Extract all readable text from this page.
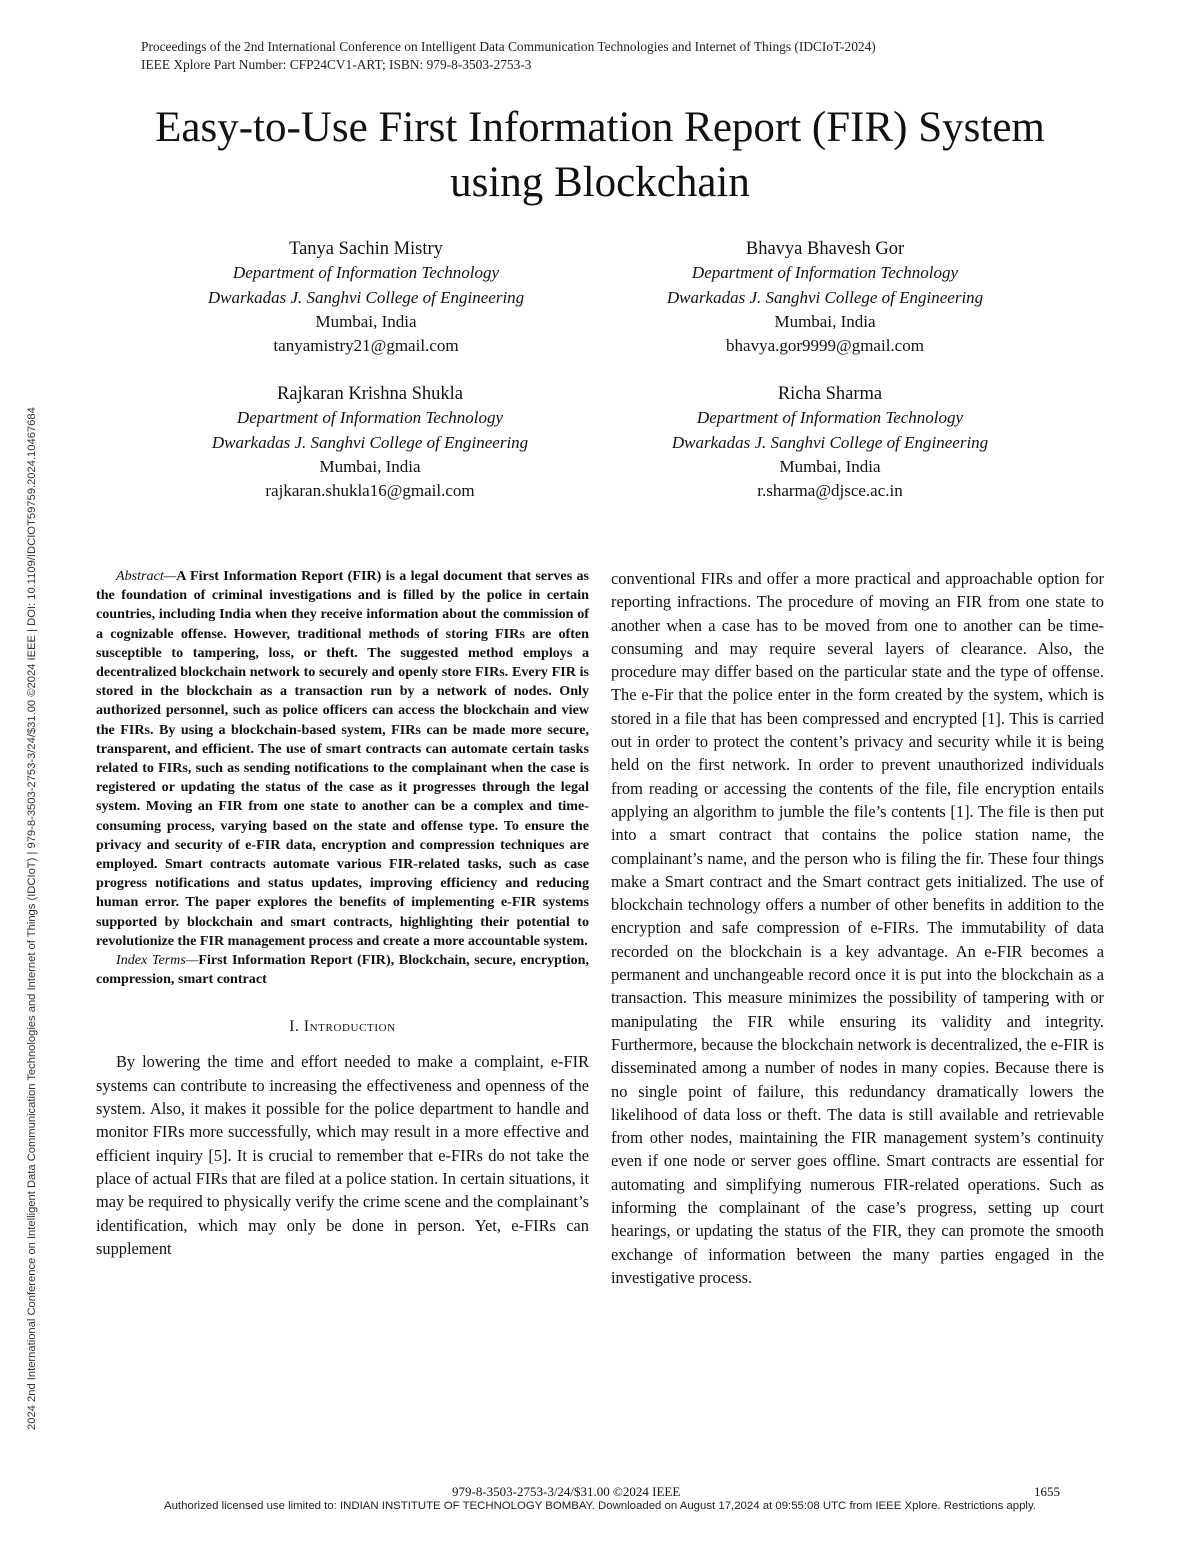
2024 2nd International Conference on Intelligent Data Communication Technologies and Internet of Things (IDCIoT) | 979-8-3503-2753-3/24/$31.00 ©2024 IEEE | DOI: 10.1109/IDCIOT59759.2024.10467684
Proceedings of the 2nd International Conference on Intelligent Data Communication Technologies and Internet of Things (IDCIoT-2024)
IEEE Xplore Part Number: CFP24CV1-ART; ISBN: 979-8-3503-2753-3
Easy-to-Use First Information Report (FIR) System
using Blockchain
Tanya Sachin Mistry
Department of Information Technology
Dwarkadas J. Sanghvi College of Engineering
Mumbai, India
tanyamistry21@gmail.com
Bhavya Bhavesh Gor
Department of Information Technology
Dwarkadas J. Sanghvi College of Engineering
Mumbai, India
bhavya.gor9999@gmail.com
Rajkaran Krishna Shukla
Department of Information Technology
Dwarkadas J. Sanghvi College of Engineering
Mumbai, India
rajkaran.shukla16@gmail.com
Richa Sharma
Department of Information Technology
Dwarkadas J. Sanghvi College of Engineering
Mumbai, India
r.sharma@djsce.ac.in

Abstract—A First Information Report (FIR) is a legal document that serves as the foundation of criminal investigations and is filled by the police in certain countries, including India when they receive information about the commission of a cognizable offense. However, traditional methods of storing FIRs are often susceptible to tampering, loss, or theft. The suggested method employs a decentralized blockchain network to securely and openly store FIRs. Every FIR is stored in the blockchain as a transaction run by a network of nodes. Only authorized personnel, such as police officers can access the blockchain and view the FIRs. By using a blockchain-based system, FIRs can be made more secure, transparent, and efficient. The use of smart contracts can automate certain tasks related to FIRs, such as sending notifications to the complainant when the case is registered or updating the status of the case as it progresses through the legal system. Moving an FIR from one state to another can be a complex and time-consuming process, varying based on the state and offense type. To ensure the privacy and security of e-FIR data, encryption and compression techniques are employed. Smart contracts automate various FIR-related tasks, such as case progress notifications and status updates, improving efficiency and reducing human error. The paper explores the benefits of implementing e-FIR systems supported by blockchain and smart contracts, highlighting their potential to revolutionize the FIR management process and create a more accountable system.

Index Terms—First Information Report (FIR), Blockchain, secure, encryption, compression, smart contract

I. Introduction

By lowering the time and effort needed to make a complaint, e-FIR systems can contribute to increasing the effectiveness and openness of the system. Also, it makes it possible for the police department to handle and monitor FIRs more successfully, which may result in a more effective and efficient inquiry [5]. It is crucial to remember that e-FIRs do not take the place of actual FIRs that are filed at a police station. In certain situations, it may be required to physically verify the crime scene and the complainant’s identification, which may only be done in person. Yet, e-FIRs can supplement

conventional FIRs and offer a more practical and approachable option for reporting infractions. The procedure of moving an FIR from one state to another when a case has to be moved from one to another can be time-consuming and may require several layers of clearance. Also, the procedure may differ based on the particular state and the type of offense. The e-Fir that the police enter in the form created by the system, which is stored in a file that has been compressed and encrypted [1]. This is carried out in order to protect the content’s privacy and security while it is being held on the first network. In order to prevent unauthorized individuals from reading or accessing the contents of the file, file encryption entails applying an algorithm to jumble the file’s contents [1]. The file is then put into a smart contract that contains the police station name, the complainant’s name, and the person who is filing the fir. These four things make a Smart contract and the Smart contract gets initialized. The use of blockchain technology offers a number of other benefits in addition to the encryption and safe compression of e-FIRs. The immutability of data recorded on the blockchain is a key advantage. An e-FIR becomes a permanent and unchangeable record once it is put into the blockchain as a transaction. This measure minimizes the possibility of tampering with or manipulating the FIR while ensuring its validity and integrity. Furthermore, because the blockchain network is decentralized, the e-FIR is disseminated among a number of nodes in many copies. Because there is no single point of failure, this redundancy dramatically lowers the likelihood of data loss or theft. The data is still available and retrievable from other nodes, maintaining the FIR management system’s continuity even if one node or server goes offline. Smart contracts are essential for automating and simplifying numerous FIR-related operations. Such as informing the complainant of the case’s progress, setting up court hearings, or updating the status of the FIR, they can promote the smooth exchange of information between the many parties engaged in the investigative process.

979-8-3503-2753-3/24/$31.00 ©2024 IEEE	1655
Authorized licensed use limited to: INDIAN INSTITUTE OF TECHNOLOGY BOMBAY. Downloaded on August 17,2024 at 09:55:08 UTC from IEEE Xplore. Restrictions apply.
